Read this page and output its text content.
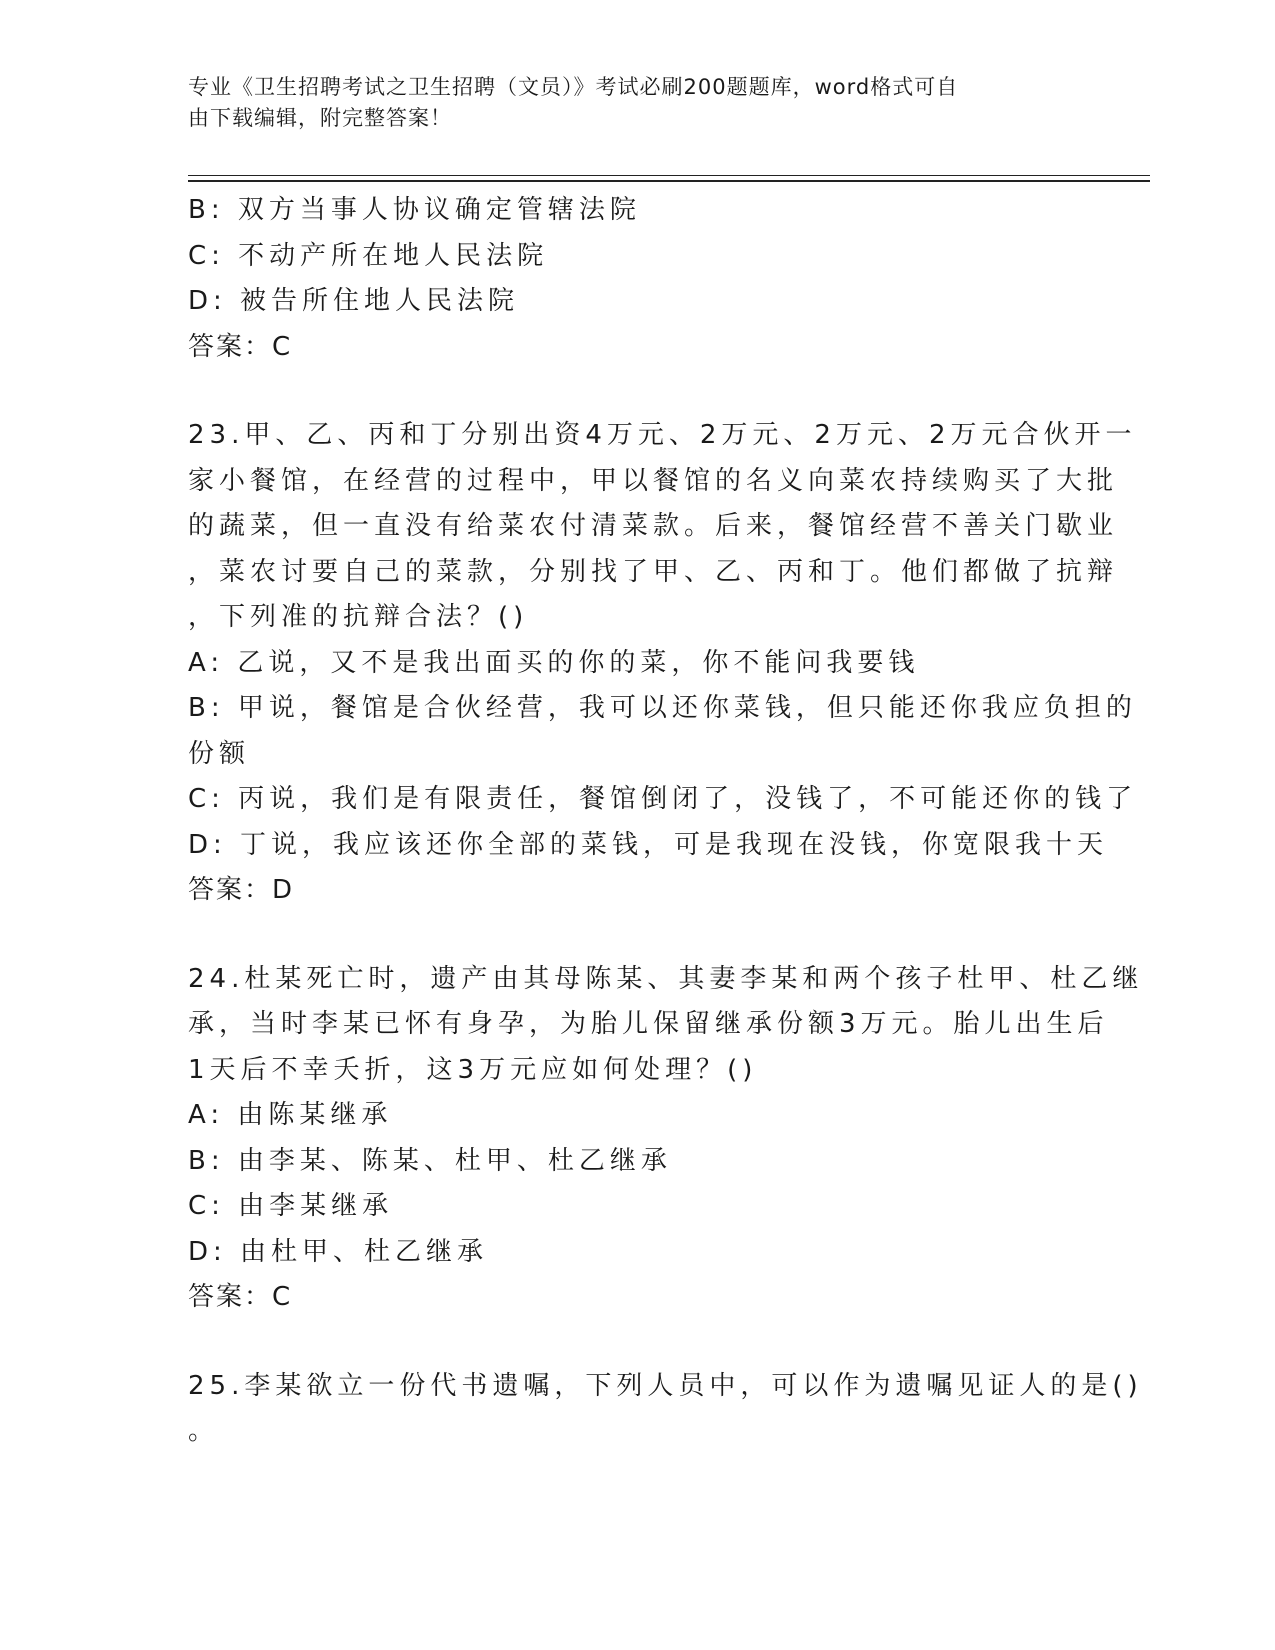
专业《卫生招聘考试之卫生招聘（文员）》考试必刷200题题库，word格式可自
由下载编辑，附完整答案！
B: 双方当事人协议确定管辖法院
C: 不动产所在地人民法院
D: 被告所住地人民法院
答案：C
23.甲、乙、丙和丁分别出资4万元、2万元、2万元、2万元合伙开一
家小餐馆，在经营的过程中，甲以餐馆的名义向菜农持续购买了大批
的蔬菜，但一直没有给菜农付清菜款。后来，餐馆经营不善关门歇业
，菜农讨要自己的菜款，分别找了甲、乙、丙和丁。他们都做了抗辩
，下列准的抗辩合法？()
A: 乙说，又不是我出面买的你的菜，你不能问我要钱
B: 甲说，餐馆是合伙经营，我可以还你菜钱，但只能还你我应负担的
份额
C: 丙说，我们是有限责任，餐馆倒闭了，没钱了，不可能还你的钱了
D: 丁说，我应该还你全部的菜钱，可是我现在没钱，你宽限我十天
答案：D
24.杜某死亡时，遗产由其母陈某、其妻李某和两个孩子杜甲、杜乙继
承，当时李某已怀有身孕，为胎儿保留继承份额3万元。胎儿出生后
1天后不幸夭折，这3万元应如何处理？()
A: 由陈某继承
B: 由李某、陈某、杜甲、杜乙继承
C: 由李某继承
D: 由杜甲、杜乙继承
答案：C
25.李某欲立一份代书遗嘱，下列人员中，可以作为遗嘱见证人的是()
。
